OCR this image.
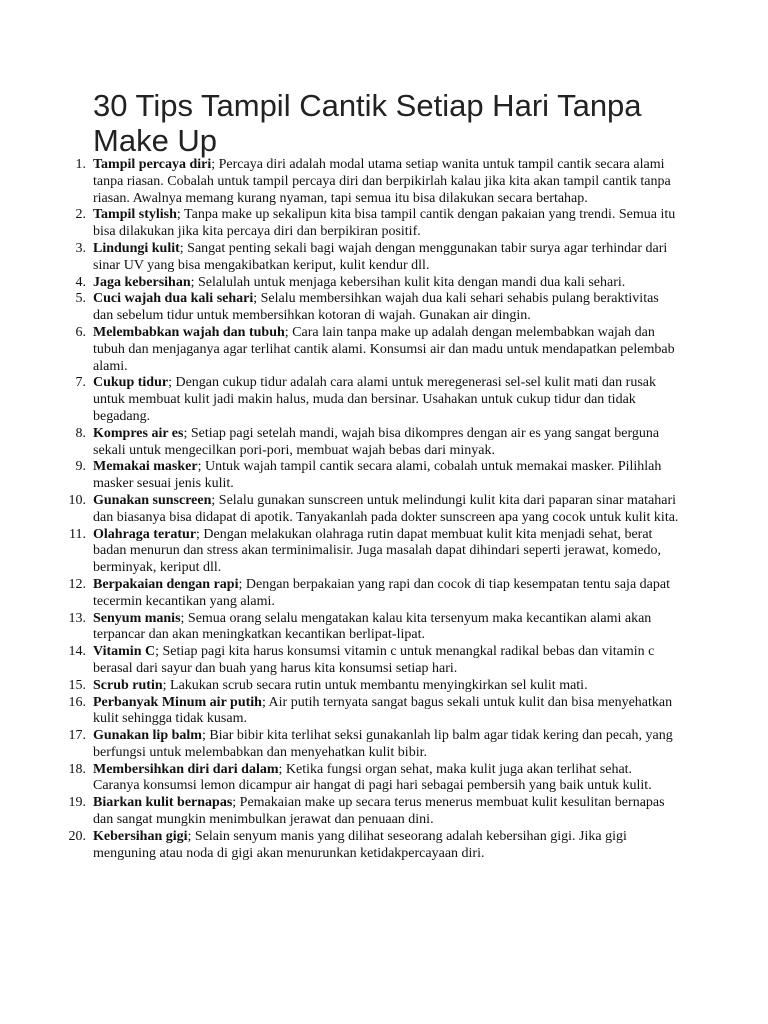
30 Tips Tampil Cantik Setiap Hari Tanpa Make Up
1. Tampil percaya diri; Percaya diri adalah modal utama setiap wanita untuk tampil cantik secara alami tanpa riasan. Cobalah untuk tampil percaya diri dan berpikirlah kalau jika kita akan tampil cantik tanpa riasan. Awalnya memang kurang nyaman, tapi semua itu bisa dilakukan secara bertahap.
2. Tampil stylish; Tanpa make up sekalipun kita bisa tampil cantik dengan pakaian yang trendi. Semua itu bisa dilakukan jika kita percaya diri dan berpikiran positif.
3. Lindungi kulit; Sangat penting sekali bagi wajah dengan menggunakan tabir surya agar terhindar dari sinar UV yang bisa mengakibatkan keriput, kulit kendur dll.
4. Jaga kebersihan; Selalulah untuk menjaga kebersihan kulit kita dengan mandi dua kali sehari.
5. Cuci wajah dua kali sehari; Selalu membersihkan wajah dua kali sehari sehabis pulang beraktivitas dan sebelum tidur untuk membersihkan kotoran di wajah. Gunakan air dingin.
6. Melembabkan wajah dan tubuh; Cara lain tanpa make up adalah dengan melembabkan wajah dan tubuh dan menjaganya agar terlihat cantik alami. Konsumsi air dan madu untuk mendapatkan pelembab alami.
7. Cukup tidur; Dengan cukup tidur adalah cara alami untuk meregenerasi sel-sel kulit mati dan rusak untuk membuat kulit jadi makin halus, muda dan bersinar. Usahakan untuk cukup tidur dan tidak begadang.
8. Kompres air es; Setiap pagi setelah mandi, wajah bisa dikompres dengan air es yang sangat berguna sekali untuk mengecilkan pori-pori, membuat wajah bebas dari minyak.
9. Memakai masker; Untuk wajah tampil cantik secara alami, cobalah untuk memakai masker. Pilihlah masker sesuai jenis kulit.
10. Gunakan sunscreen; Selalu gunakan sunscreen untuk melindungi kulit kita dari paparan sinar matahari dan biasanya bisa didapat di apotik. Tanyakanlah pada dokter sunscreen apa yang cocok untuk kulit kita.
11. Olahraga teratur; Dengan melakukan olahraga rutin dapat membuat kulit kita menjadi sehat, berat badan menurun dan stress akan terminimalisir. Juga masalah dapat dihindari seperti jerawat, komedo, berminyak, keriput dll.
12. Berpakaian dengan rapi; Dengan berpakaian yang rapi dan cocok di tiap kesempatan tentu saja dapat tecermin kecantikan yang alami.
13. Senyum manis; Semua orang selalu mengatakan kalau kita tersenyum maka kecantikan alami akan terpancar dan akan meningkatkan kecantikan berlipat-lipat.
14. Vitamin C; Setiap pagi kita harus konsumsi vitamin c untuk menangkal radikal bebas dan vitamin c berasal dari sayur dan buah yang harus kita konsumsi setiap hari.
15. Scrub rutin; Lakukan scrub secara rutin untuk membantu menyingkirkan sel kulit mati.
16. Perbanyak Minum air putih; Air putih ternyata sangat bagus sekali untuk kulit dan bisa menyehatkan kulit sehingga tidak kusam.
17. Gunakan lip balm; Biar bibir kita terlihat seksi gunakanlah lip balm agar tidak kering dan pecah, yang berfungsi untuk melembabkan dan menyehatkan kulit bibir.
18. Membersihkan diri dari dalam; Ketika fungsi organ sehat, maka kulit juga akan terlihat sehat. Caranya konsumsi lemon dicampur air hangat di pagi hari sebagai pembersih yang baik untuk kulit.
19. Biarkan kulit bernapas; Pemakaian make up secara terus menerus membuat kulit kesulitan bernapas dan sangat mungkin menimbulkan jerawat dan penuaan dini.
20. Kebersihan gigi; Selain senyum manis yang dilihat seseorang adalah kebersihan gigi. Jika gigi menguning atau noda di gigi akan menurunkan ketidakpercayaan diri.
